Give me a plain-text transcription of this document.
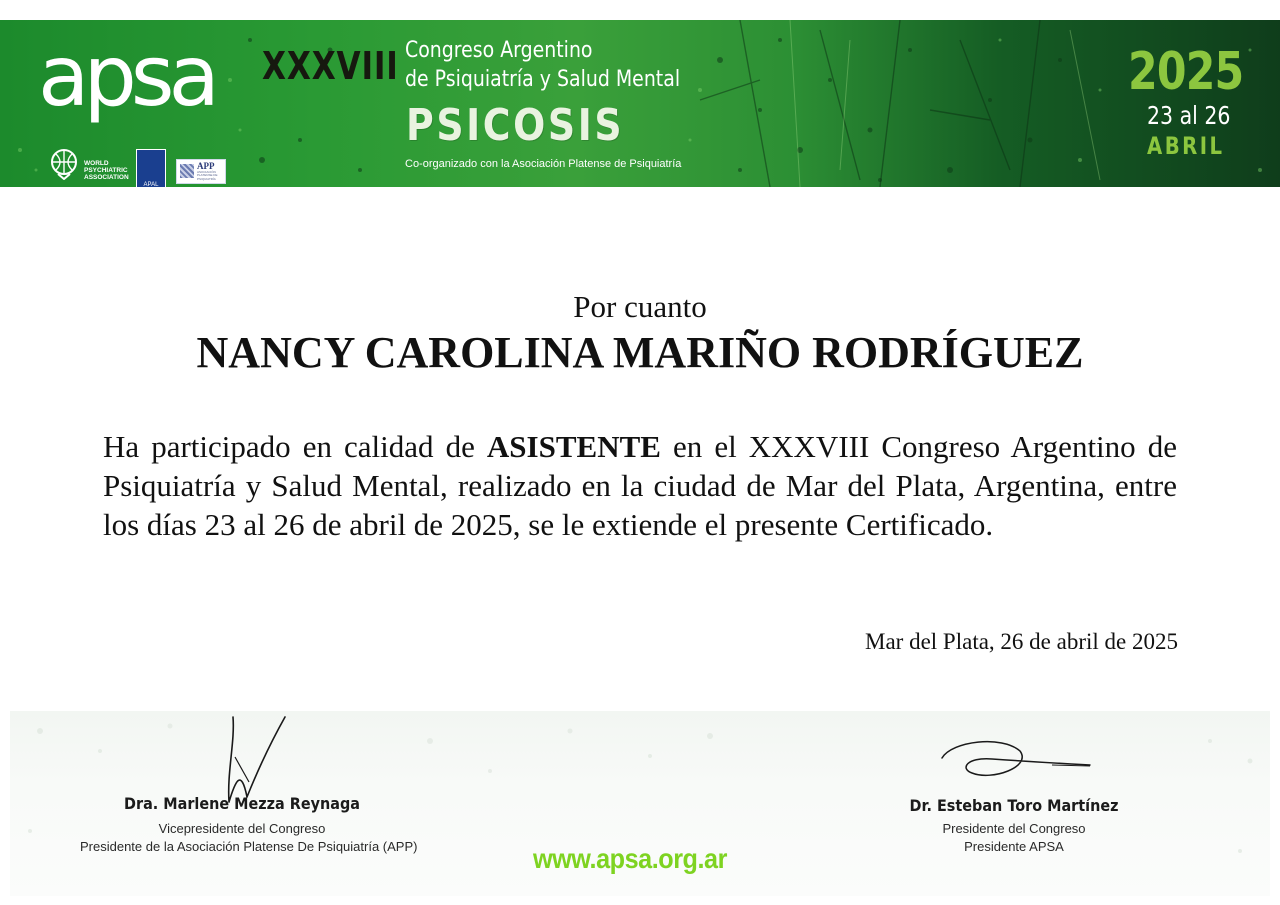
apsa
WORLD
PSYCHIATRIC
ASSOCIATION
APAL
APP
ASOCIACIÓN PLATENSE DE PSIQUIATRÍA
XXXVIII Congreso Argentino
de Psiquiatría y Salud Mental
PSICOSIS
Co-organizado con la Asociación Platense de Psiquiatría
2025
23 al 26
ABRIL
Por cuanto
NANCY CAROLINA MARIÑO RODRÍGUEZ
Ha participado en calidad de ASISTENTE en el XXXVIII Congreso Argentino de Psiquiatría y Salud Mental, realizado en la ciudad de Mar del Plata, Argentina, entre los días 23 al 26 de abril de 2025, se le extiende el presente Certificado.
Mar del Plata, 26 de abril de 2025
Dra. Marlene Mezza Reynaga
Vicepresidente del Congreso
Presidente de la Asociación Platense De Psiquiatría (APP)
Dr. Esteban Toro Martínez
Presidente del Congreso
Presidente APSA
www.apsa.org.ar
